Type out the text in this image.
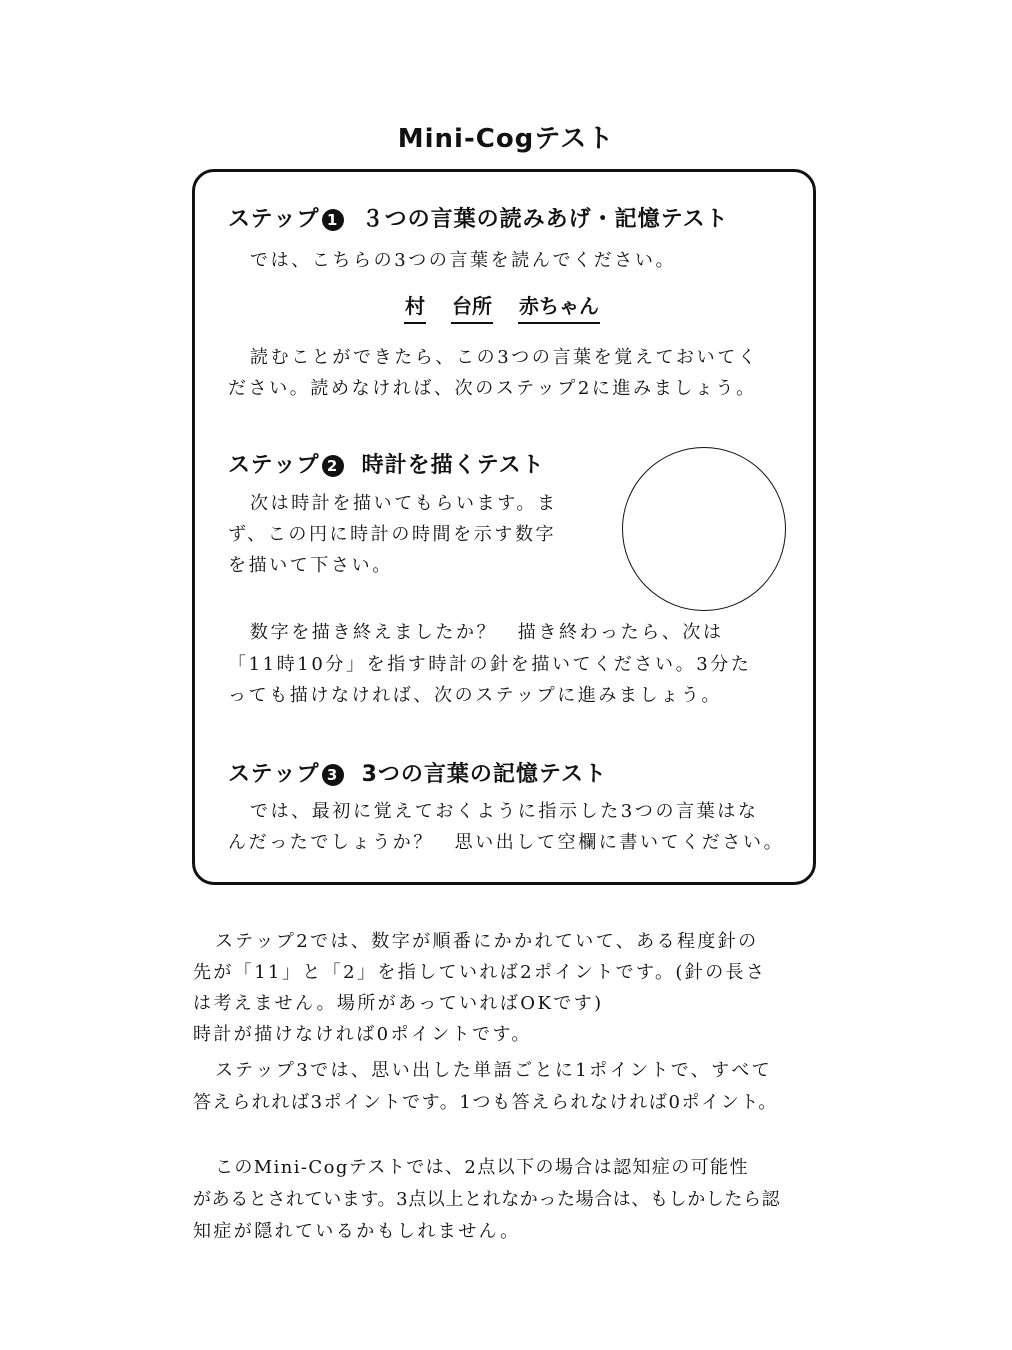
Mini-Cogテスト
ステップ 1 ３つの言葉の読みあげ・記憶テスト
では、こちらの3つの言葉を読んでください。
村 台所 赤ちゃん
読むことができたら、この3つの言葉を覚えておいてく
ださい。読めなければ、次のステップ2に進みましょう。
ステップ 2 時計を描くテスト
次は時計を描いてもらいます。ま
ず、この円に時計の時間を示す数字
を描いて下さい。
数字を描き終えましたか？　描き終わったら、次は
「11時10分」を指す時計の針を描いてください。3分た
っても描けなければ、次のステップに進みましょう。
ステップ 3 3つの言葉の記憶テスト
では、最初に覚えておくように指示した3つの言葉はな
んだったでしょうか？　思い出して空欄に書いてください。
ステップ2では、数字が順番にかかれていて、ある程度針の
先が「11」と「2」を指していれば2ポイントです。(針の長さ
は考えません。場所があっていればOKです)
時計が描けなければ0ポイントです。
ステップ3では、思い出した単語ごとに1ポイントで、すべて
答えられれば3ポイントです。1つも答えられなければ0ポイント。
このMini-Cogテストでは、2点以下の場合は認知症の可能性
があるとされています。3点以上とれなかった場合は、もしかしたら認
知症が隠れているかもしれません。
